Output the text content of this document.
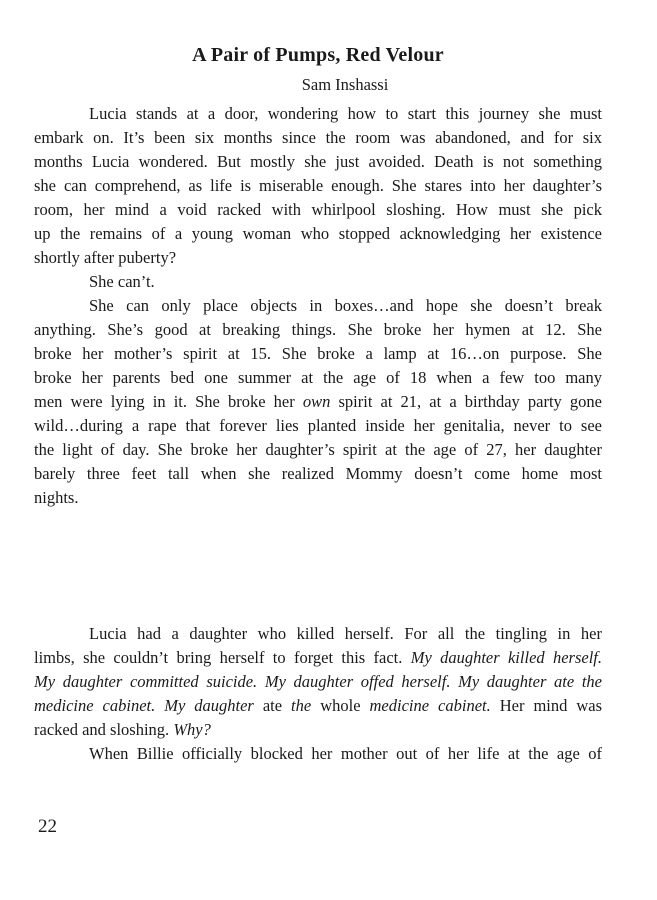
A Pair of Pumps, Red Velour
Sam Inshassi
Lucia stands at a door, wondering how to start this journey she must
embark on. It’s been six months since the room was abandoned, and for six
months Lucia wondered. But mostly she just avoided. Death is not something
she can comprehend, as life is miserable enough. She stares into her daughter’s
room, her mind a void racked with whirlpool sloshing. How must she pick
up the remains of a young woman who stopped acknowledging her existence
shortly after puberty?
She can’t.
She can only place objects in boxes…and hope she doesn’t break
anything. She’s good at breaking things. She broke her hymen at 12. She
broke her mother’s spirit at 15. She broke a lamp at 16…on purpose. She
broke her parents bed one summer at the age of 18 when a few too many
men were lying in it. She broke her own spirit at 21, at a birthday party gone
wild…during a rape that forever lies planted inside her genitalia, never to see
the light of day. She broke her daughter’s spirit at the age of 27, her daughter
barely three feet tall when she realized Mommy doesn’t come home most
nights.
Lucia had a daughter who killed herself. For all the tingling in her
limbs, she couldn’t bring herself to forget this fact. My daughter killed herself.
My daughter committed suicide. My daughter offed herself. My daughter ate the
medicine cabinet. My daughter ate the whole medicine cabinet. Her mind was
racked and sloshing. Why?
When Billie officially blocked her mother out of her life at the age of
22
